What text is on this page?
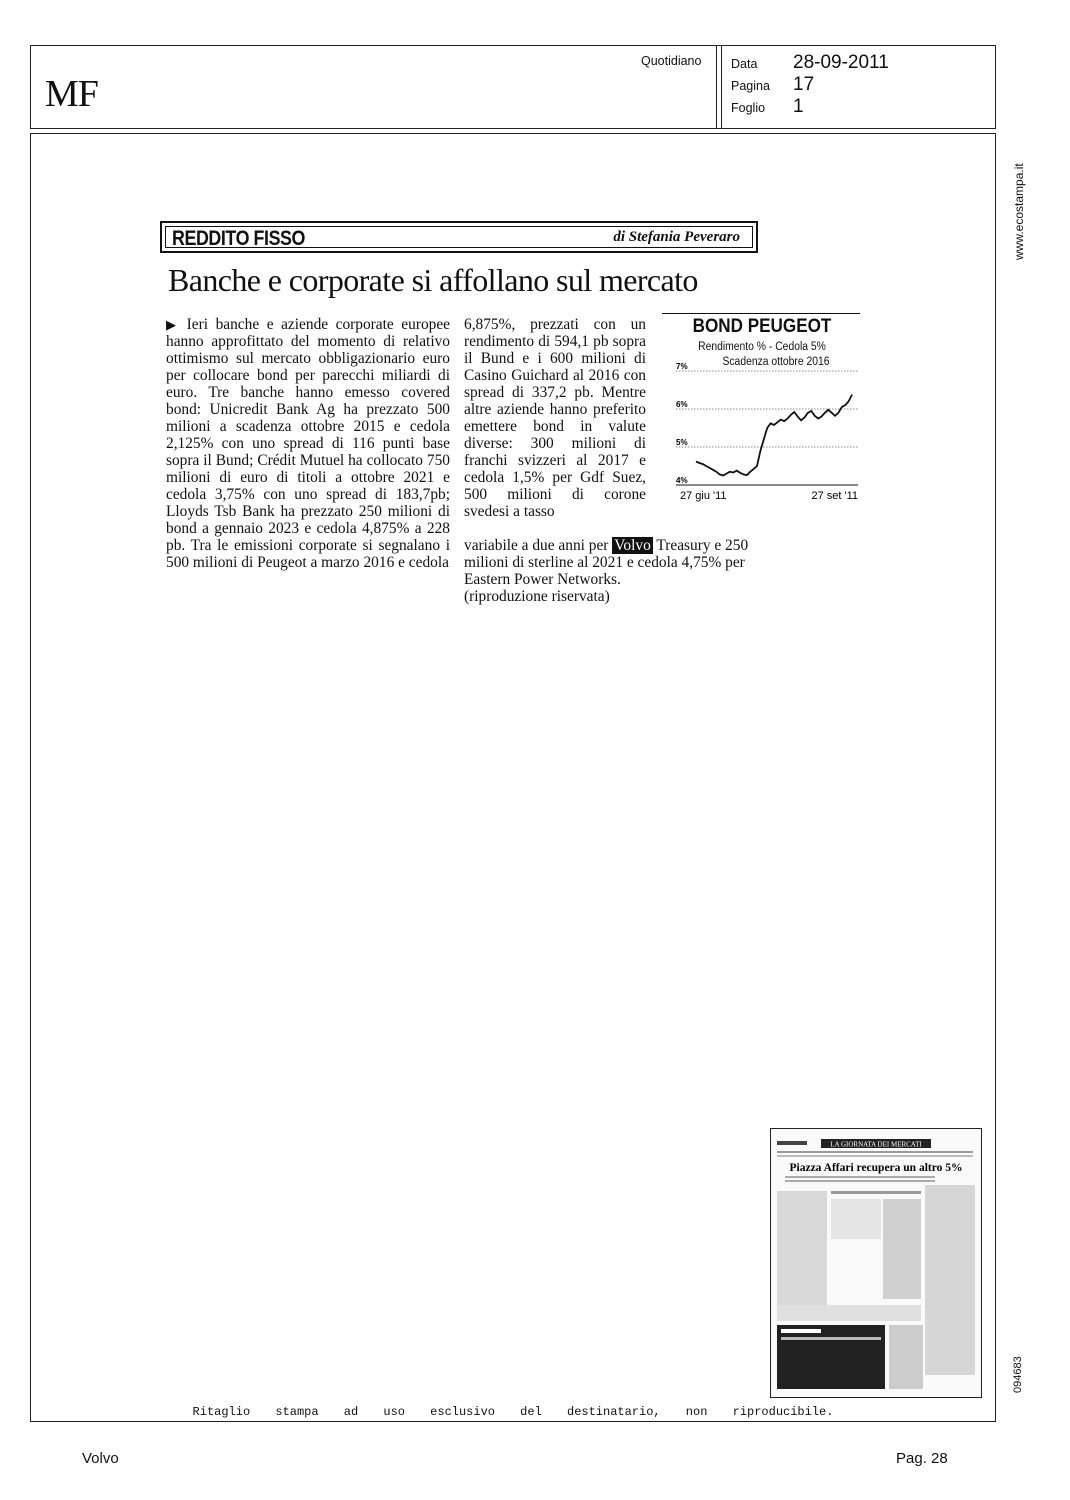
MF
Quotidiano Data	28-09-2011
Pagina	17
Foglio	1
www.ecostampa.it
094683
REDDITO FISSO	di Stefania Peveraro
Banche e corporate si affollano sul mercato
▶ Ieri banche e aziende corporate europee hanno approfittato del momento di relativo ottimismo sul mercato obbligazionario euro per collocare bond per parecchi miliardi di euro. Tre banche hanno emesso covered bond: Unicredit Bank Ag ha prezzato 500 milioni a scadenza ottobre 2015 e cedola 2,125% con uno spread di 116 punti base sopra il Bund; Crédit Mutuel ha collocato 750 milioni di euro di titoli a ottobre 2021 e cedola 3,75% con uno spread di 183,7pb; Lloyds Tsb Bank ha prezzato 250 milioni di bond a gennaio 2023 e cedola 4,875% a 228 pb. Tra le emissioni corporate si segnalano i 500 milioni di Peugeot a marzo 2016 e cedola
6,875%, prezzati con un rendimento di 594,1 pb sopra il Bund e i 600 milioni di Casino Guichard al 2016 con spread di 337,2 pb. Mentre altre aziende hanno preferito emettere bond in valute diverse: 300 milioni di franchi svizzeri al 2017 e cedola 1,5% per Gdf Suez, 500 milioni di corone svedesi a tasso
variabile a due anni per Volvo Treasury e 250 milioni di sterline al 2021 e cedola 4,75% per Eastern Power Networks.
(riproduzione riservata)
BOND PEUGEOT
Rendimento % - Cedola 5%
Scadenza ottobre 2016
7%
6%
5%
4%
27 giu '11	27 set '11
LA GIORNATA DEI MERCATI
Piazza Affari recupera un altro 5%
Ritaglio stampa ad uso esclusivo del destinatario, non riproducibile.
Volvo	Pag. 28
